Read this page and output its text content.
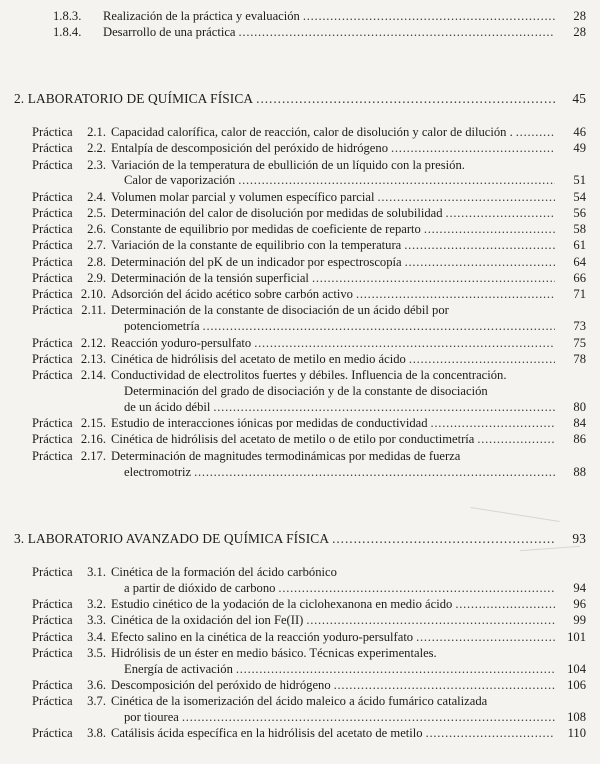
1.8.3. Realización de la práctica y evaluación . . .	28
1.8.4. Desarrollo de una práctica . . .	28
2. LABORATORIO DE QUÍMICA FÍSICA . . .	45
Práctica	2.1. Capacidad calorífica, calor de reacción, calor de disolución y calor de dilución . . . .	46
Práctica	2.2. Entalpía de descomposición del peróxido de hidrógeno . . .	49
Práctica	2.3. Variación de la temperatura de ebullición de un líquido con la presión.
Calor de vaporización . . .	51
Práctica	2.4. Volumen molar parcial y volumen específico parcial . . .	54
Práctica	2.5. Determinación del calor de disolución por medidas de solubilidad . . .	56
Práctica	2.6. Constante de equilibrio por medidas de coeficiente de reparto . . .	58
Práctica	2.7. Variación de la constante de equilibrio con la temperatura . . .	61
Práctica	2.8. Determinación del pK de un indicador por espectroscopía . . .	64
Práctica	2.9. Determinación de la tensión superficial . . .	66
Práctica 2.10. Adsorción del ácido acético sobre carbón activo . . .	71
Práctica 2.11. Determinación de la constante de disociación de un ácido débil por
potenciometría . . .	73
Práctica 2.12. Reacción yoduro-persulfato . . .	75
Práctica 2.13. Cinética de hidrólisis del acetato de metilo en medio ácido . . .	78
Práctica 2.14. Conductividad de electrolitos fuertes y débiles. Influencia de la concentración.
Determinación del grado de disociación y de la constante de disociación
de un ácido débil . . .	80
Práctica 2.15. Estudio de interacciones iónicas por medidas de conductividad . . .	84
Práctica 2.16. Cinética de hidrólisis del acetato de metilo o de etilo por conductimetría . . .	86
Práctica 2.17. Determinación de magnitudes termodinámicas por medidas de fuerza
electromotriz . . .	88
3. LABORATORIO AVANZADO DE QUÍMICA FÍSICA . . .	93
Práctica	3.1. Cinética de la formación del ácido carbónico
a partir de dióxido de carbono . . .	94
Práctica	3.2. Estudio cinético de la yodación de la ciclohexanona en medio ácido . . .	96
Práctica	3.3. Cinética de la oxidación del ion Fe(II) . . .	99
Práctica	3.4. Efecto salino en la cinética de la reacción yoduro-persulfato . . .	101
Práctica	3.5. Hidrólisis de un éster en medio básico. Técnicas experimentales.
Energía de activación . . .	104
Práctica	3.6. Descomposición del peróxido de hidrógeno . . .	106
Práctica	3.7. Cinética de la isomerización del ácido maleico a ácido fumárico catalizada
por tiourea . . .	108
Práctica	3.8. Catálisis ácida específica en la hidrólisis del acetato de metilo . . .	110
